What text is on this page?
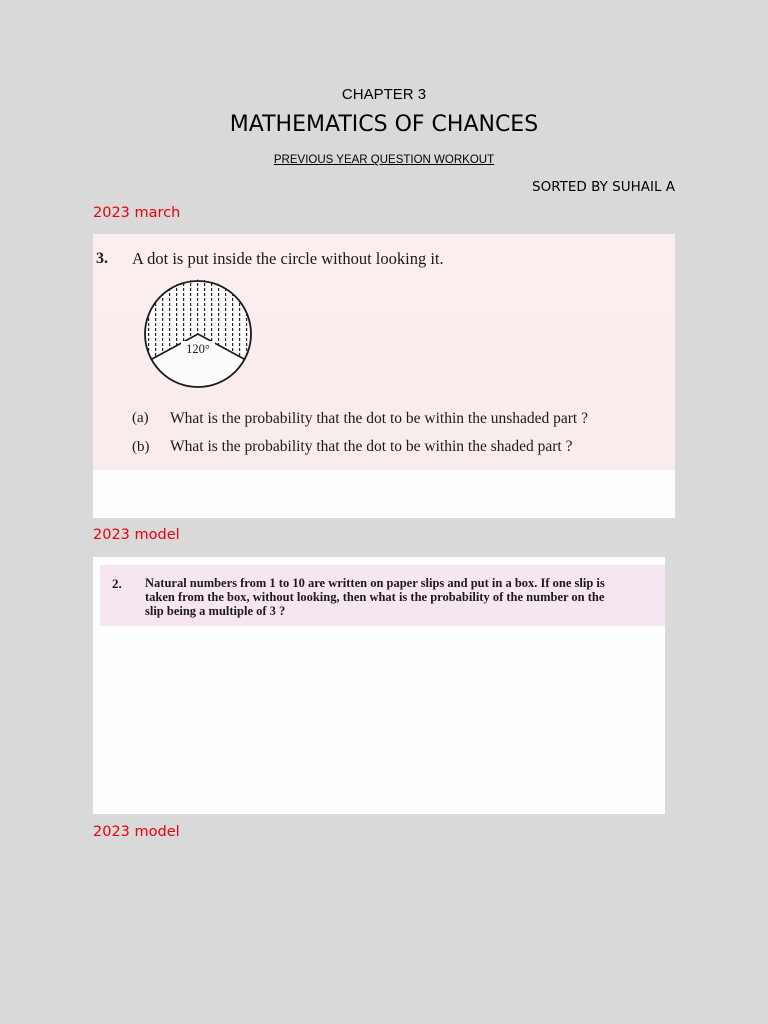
CHAPTER 3
MATHEMATICS OF CHANCES
PREVIOUS YEAR QUESTION WORKOUT
SORTED BY SUHAIL A
2023 march
3. A dot is put inside the circle without looking it.
120°
(a) What is the probability that the dot to be within the unshaded part ?
(b) What is the probability that the dot to be within the shaded part ?
2023 model
2. Natural numbers from 1 to 10 are written on paper slips and put in a box. If one slip is
taken from the box, without looking, then what is the probability of the number on the
slip being a multiple of 3 ?
2023 model
